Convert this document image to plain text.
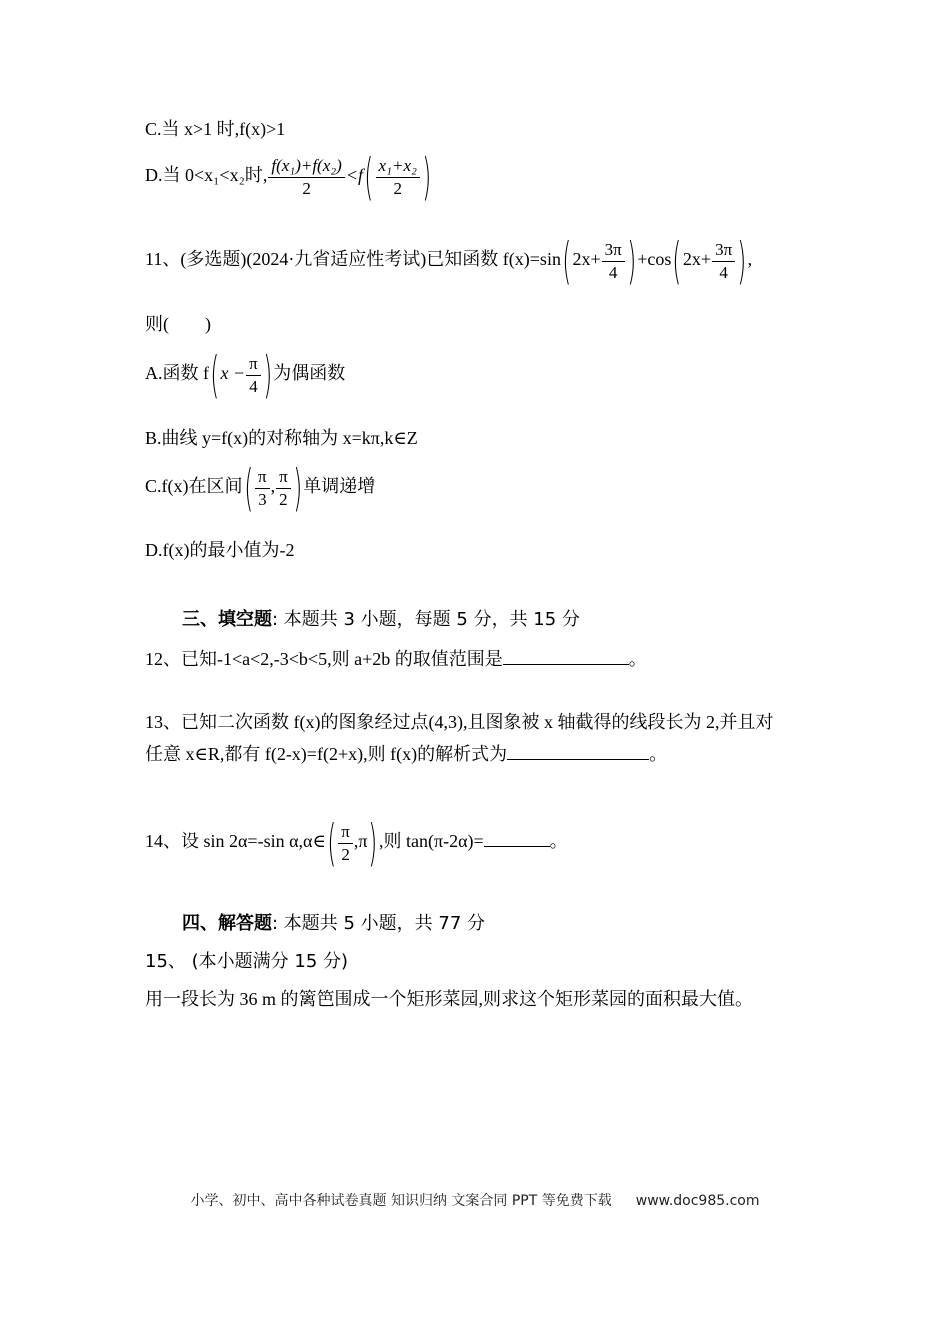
C.当 x>1 时,f(x)>1
D.当 0<x₁<x₂时, $\frac{\text{f(x₁)+f(x₂)}}{2} <f( \frac{\text{x₁+x₂}}{2}$ )
11、(多选题)(2024·九省适应性考试)已知函数 $f(x)=\sin(2x+ \frac{3\pi}{4} )+\cos(2x+ \frac{3\pi}{4}$ ),
则(　　)
A.函数 $f(x - \frac{\pi}{4}$ )为偶函数
B.曲线 y=f(x)的对称轴为 x=kπ,k∈Z
C.f(x)在区间( $\frac{\pi}{3}$ , $\frac{\pi}{2}$ )单调递增
D.f(x)的最小值为-2
三、填空题: 本题共 3 小题，每题 5 分，共 15 分
12、已知-1<a<2,-3<b<5,则 a+2b 的取值范围是	。
13、已知二次函数 f(x)的图象经过点(4,3),且图象被 x 轴截得的线段长为 2,并且对
任意 x∈R,都有 f(2-x)=f(2+x),则 f(x)的解析式为	。
14、设 sin 2α=-sin α,α∈( $\frac{\pi}{2} ,\pi$),则 tan(π-2α)=	。
四、解答题: 本题共 5 小题，共 77 分
15、 (本小题满分 15 分)
用一段长为 36 m 的篱笆围成一个矩形菜园,则求这个矩形菜园的面积最大值。
小学、初中、高中各种试卷真题 知识归纳 文案合同 PPT 等免费下载 www.doc985.com
